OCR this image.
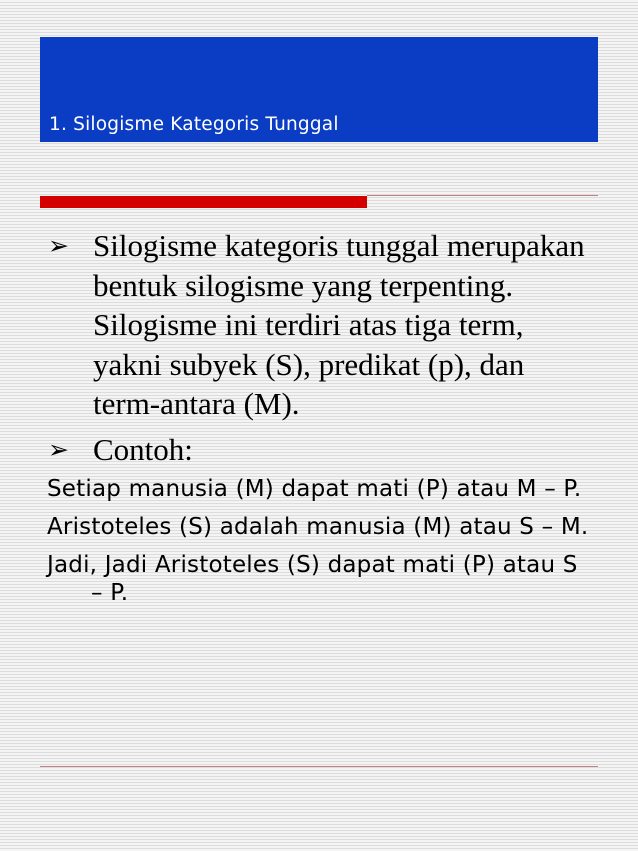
1. Silogisme Kategoris Tunggal
➢ Silogisme kategoris tunggal merupakan bentuk silogisme yang terpenting. Silogisme ini terdiri atas tiga term, yakni subyek (S), predikat (p), dan term-antara (M).
➢ Contoh:
Setiap manusia (M) dapat mati (P) atau M – P.
Aristoteles (S) adalah manusia (M) atau S – M.
Jadi, Jadi Aristoteles (S) dapat mati (P) atau S – P.
